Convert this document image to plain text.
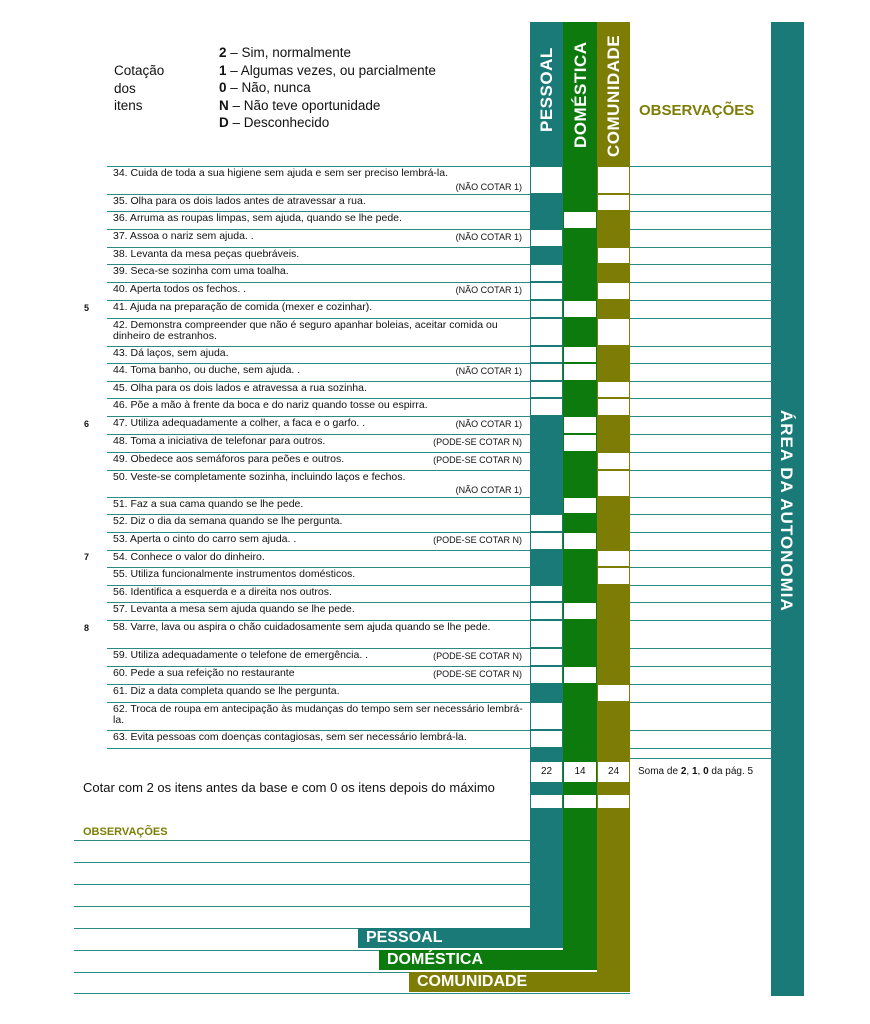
PESSOAL DOMÉSTICA COMUNIDADE OBSERVAÇÕES
ÁREA DA AUTONOMIA
Cotação
dos
itens
2 – Sim, normalmente
1 – Algumas vezes, ou parcialmente
0 – Não, nunca
N – Não teve oportunidade
D – Desconhecido
5
6
7
8
34. Cuida de toda a sua higiene sem ajuda e sem ser preciso lembrá-la.
(NÃO COTAR 1)
35. Olha para os dois lados antes de atravessar a rua.
36. Arruma as roupas limpas, sem ajuda, quando se lhe pede.
37. Assoa o nariz sem ajuda. .	(NÃO COTAR 1)
38. Levanta da mesa peças quebráveis.
39. Seca-se sozinha com uma toalha.
40. Aperta todos os fechos. .	(NÃO COTAR 1)
41. Ajuda na preparação de comida (mexer e cozinhar).
42. Demonstra compreender que não é seguro apanhar boleias, aceitar comida ou dinheiro de estranhos.
43. Dá laços, sem ajuda.
44. Toma banho, ou duche, sem ajuda. .	(NÃO COTAR 1)
45. Olha para os dois lados e atravessa a rua sozinha.
46. Põe a mão à frente da boca e do nariz quando tosse ou espirra.
47. Utiliza adequadamente a colher, a faca e o garfo. .	(NÃO COTAR 1)
48. Toma a iniciativa de telefonar para outros.	(PODE-SE COTAR N)
49. Obedece aos semáforos para peões e outros.	(PODE-SE COTAR N)
50. Veste-se completamente sozinha, incluindo laços e fechos.
(NÃO COTAR 1)
51. Faz a sua cama quando se lhe pede.
52. Diz o dia da semana quando se lhe pergunta.
53. Aperta o cinto do carro sem ajuda. .	(PODE-SE COTAR N)
54. Conhece o valor do dinheiro.
55. Utiliza funcionalmente instrumentos domésticos.
56. Identifica a esquerda e a direita nos outros.
57. Levanta a mesa sem ajuda quando se lhe pede.
58. Varre, lava ou aspira o chão cuidadosamente sem ajuda quando se lhe pede.
59. Utiliza adequadamente o telefone de emergência. .	(PODE-SE COTAR N)
60. Pede a sua refeição no restaurante	(PODE-SE COTAR N)
61. Diz a data completa quando se lhe pergunta.
62. Troca de roupa em antecipação às mudanças do tempo sem ser necessário lembrá-la.
63. Evita pessoas com doenças contagiosas, sem ser necessário lembrá-la.
22	14	24	Soma de 2, 1, 0 da pág. 5
Cotar com 2 os itens antes da base e com 0 os itens depois do máximo
OBSERVAÇÕES
PESSOAL
DOMÉSTICA
COMUNIDADE
